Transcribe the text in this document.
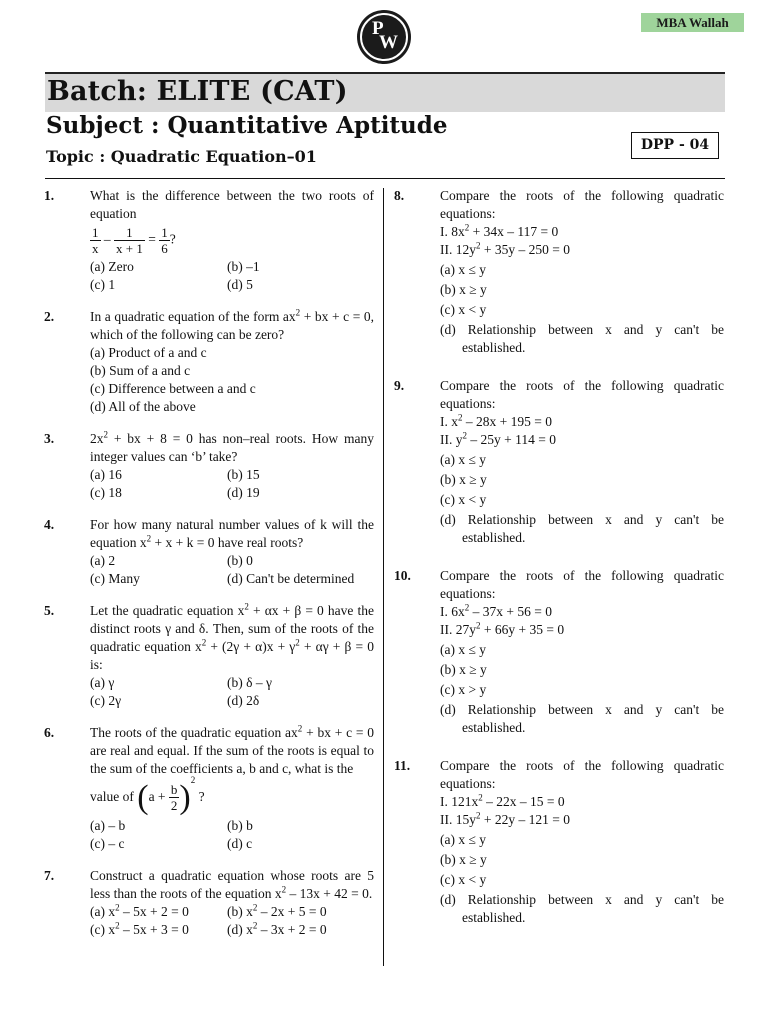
P
W
MBA Wallah
Batch: ELITE (CAT)
Subject : Quantitative Aptitude
Topic : Quadratic Equation–01
DPP - 04
1.	What is the difference between the two roots of equation
$\frac{1}{x} - \frac{1}{x + 1} = \frac{1}{6}$ ?
(a) Zero	(b) –1
(c) 1	(d) 5
2.	In a quadratic equation of the form $ax^2$ + bx + c = 0, which of the following can be zero?
(a) Product of a and c
(b) Sum of a and c
(c) Difference between a and c
(d) All of the above
3.	$2x^2$ + bx + 8 = 0 has non–real roots. How many integer values can ‘b’ take?
(a) 16	(b) 15
(c) 18	(d) 19
4.	For how many natural number values of k will the equation $x^2 + x + k = 0$ have real roots?
(a) 2	(b) 0
(c) Many	(d) Can't be determined
5.	Let the quadratic equation $x^2 + \alpha x + \beta = 0$ have the distinct roots γ and δ. Then, sum of the roots of the quadratic equation $x^2 + (2\gamma + \alpha)x + \gamma^2 + \alpha\gamma + \beta = 0$ is:
(a) γ	(b) δ – γ
(c) 2γ	(d) 2δ
6.	The roots of the quadratic equation $ax^2$ + bx + c = 0 are real and equal. If the sum of the roots is equal to the sum of the coefficients a, b and c, what is the
value of $(a + \frac{b}{2} )^2$ ?
(a) – b	(b) b
(c) – c	(d) c
7.	Construct a quadratic equation whose roots are 5 less than the roots of the equation $x^2 - 13x + 42 = 0$.
(a) $x^2 - 5x + 2 = 0$	(b) $x^2 - 2x + 5 = 0$
(c) $x^2 - 5x + 3 = 0$	(d) $x^2 - 3x + 2 = 0$
8.	Compare the roots of the following quadratic equations:
I. $8x^2 + 34x - 117 = 0$
II. $12y^2 + 35y - 250 = 0$
(a) x ≤ y
(b) x ≥ y
(c) x < y
(d) Relationship between x and y can't be established.
9.	Compare the roots of the following quadratic equations:
I. $x^2 - 28x + 195 = 0$
II. $y^2 - 25y + 114 = 0$
(a) x ≤ y
(b) x ≥ y
(c) x < y
(d) Relationship between x and y can't be established.
10. Compare the roots of the following quadratic equations:
I. $6x^2 - 37x + 56 = 0$
II. $27y^2 + 66y + 35 = 0$
(a) x ≤ y
(b) x ≥ y
(c) x > y
(d) Relationship between x and y can't be established.
11. Compare the roots of the following quadratic equations:
I. $121x^2 - 22x - 15 = 0$
II. $15y^2 + 22y - 121 = 0$
(a) x ≤ y
(b) x ≥ y
(c) x < y
(d) Relationship between x and y can't be established.
